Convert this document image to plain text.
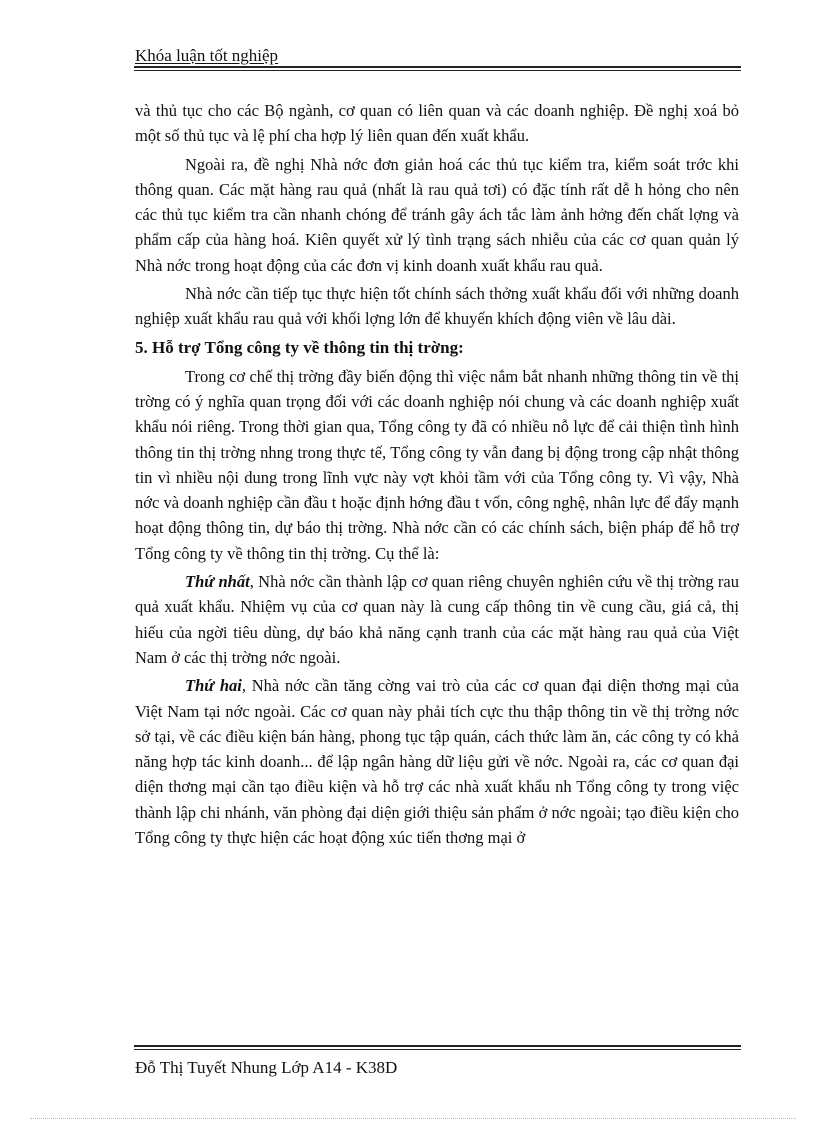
Khóa luận tốt nghiệp

và thủ tục cho các Bộ ngành, cơ quan có liên quan và các doanh nghiệp. Đề nghị xoá bỏ một số thủ tục và lệ phí cha hợp lý liên quan đến xuất khẩu.

Ngoài ra, đề nghị Nhà nớc đơn giản hoá các thủ tục kiểm tra, kiểm soát trớc khi thông quan. Các mặt hàng rau quả (nhất là rau quả tơi) có đặc tính rất dễ h hỏng cho nên các thủ tục kiểm tra cần nhanh chóng để tránh gây ách tắc làm ảnh hởng đến chất lợng và phẩm cấp của hàng hoá. Kiên quyết xử lý tình trạng sách nhiễu của các cơ quan quản lý Nhà nớc trong hoạt động của các đơn vị kinh doanh xuất khẩu rau quả.

Nhà nớc cần tiếp tục thực hiện tốt chính sách thởng xuất khẩu đối với những doanh nghiệp xuất khẩu rau quả với khối lợng lớn để khuyến khích động viên về lâu dài.

5. Hỗ trợ Tổng công ty về thông tin thị trờng:

Trong cơ chế thị trờng đầy biến động thì việc nắm bắt nhanh những thông tin về thị trờng có ý nghĩa quan trọng đối với các doanh nghiệp nói chung và các doanh nghiệp xuất khẩu nói riêng. Trong thời gian qua, Tổng công ty đã có nhiều nỗ lực để cải thiện tình hình thông tin thị trờng nhng trong thực tế, Tổng công ty vẫn đang bị động trong cập nhật thông tin vì nhiều nội dung trong lĩnh vực này vợt khỏi tầm với của Tổng công ty. Vì vậy, Nhà nớc và doanh nghiệp cần đầu t hoặc định hớng đầu t vốn, công nghệ, nhân lực để đẩy mạnh hoạt động thông tin, dự báo thị trờng. Nhà nớc cần có các chính sách, biện pháp để hỗ trợ Tổng công ty về thông tin thị trờng. Cụ thể là:

Thứ nhất, Nhà nớc cần thành lập cơ quan riêng chuyên nghiên cứu về thị trờng rau quả xuất khẩu. Nhiệm vụ của cơ quan này là cung cấp thông tin về cung cầu, giá cả, thị hiếu của ngời tiêu dùng, dự báo khả năng cạnh tranh của các mặt hàng rau quả của Việt Nam ở các thị trờng nớc ngoài.

Thứ hai, Nhà nớc cần tăng cờng vai trò của các cơ quan đại diện thơng mại của Việt Nam tại nớc ngoài. Các cơ quan này phải tích cực thu thập thông tin về thị trờng nớc sở tại, về các điều kiện bán hàng, phong tục tập quán, cách thức làm ăn, các công ty có khả năng hợp tác kinh doanh... để lập ngân hàng dữ liệu gửi về nớc. Ngoài ra, các cơ quan đại diện thơng mại cần tạo điều kiện và hỗ trợ các nhà xuất khẩu nh Tổng công ty trong việc thành lập chi nhánh, văn phòng đại diện giới thiệu sản phẩm ở nớc ngoài; tạo điều kiện cho Tổng công ty thực hiện các hoạt động xúc tiến thơng mại ở

Đỗ Thị Tuyết Nhung Lớp A14 - K38D
